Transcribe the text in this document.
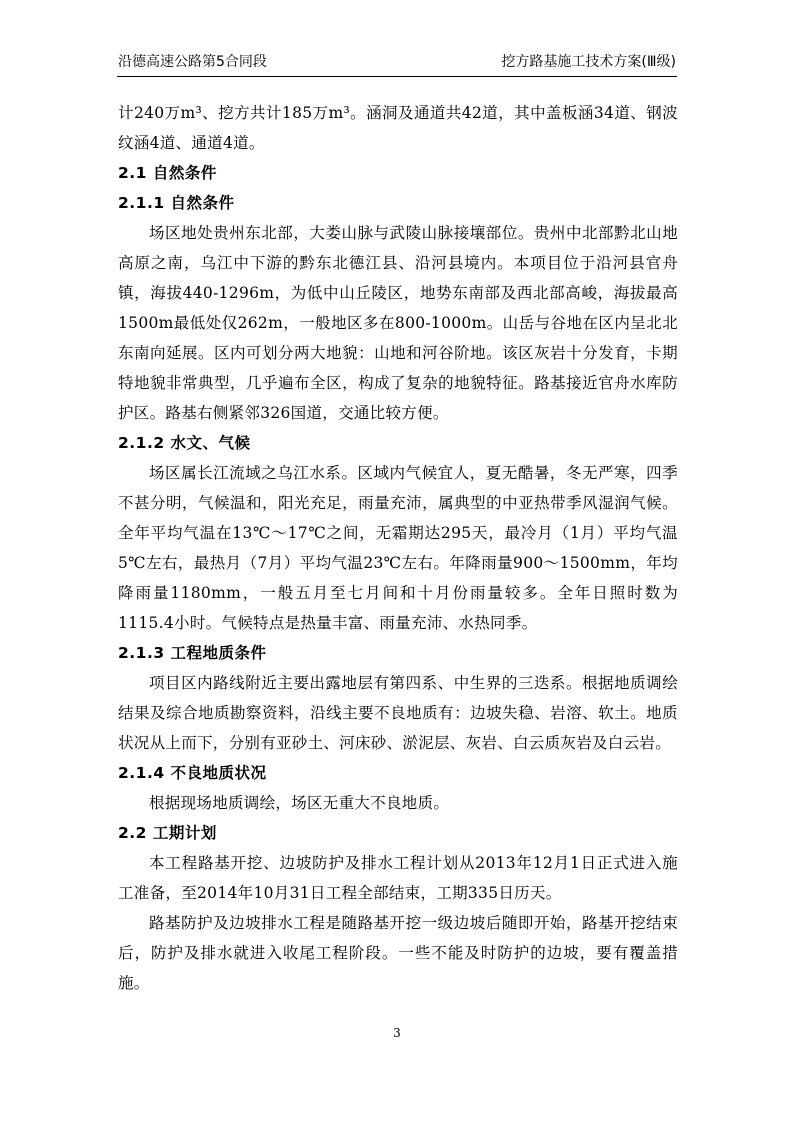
沿德高速公路第5合同段	挖方路基施工技术方案(Ⅲ级)
计240万m³、挖方共计185万m³。涵洞及通道共42道，其中盖板涵34道、钢波纹涵4道、通道4道。
2.1 自然条件
2.1.1 自然条件
场区地处贵州东北部，大娄山脉与武陵山脉接壤部位。贵州中北部黔北山地高原之南，乌江中下游的黔东北德江县、沿河县境内。本项目位于沿河县官舟镇，海拔440-1296m，为低中山丘陵区，地势东南部及西北部高峻，海拔最高1500m最低处仅262m，一般地区多在800-1000m。山岳与谷地在区内呈北北东南向延展。区内可划分两大地貌：山地和河谷阶地。该区灰岩十分发育，卡期特地貌非常典型，几乎遍布全区，构成了复杂的地貌特征。路基接近官舟水库防护区。路基右侧紧邻326国道，交通比较方便。
2.1.2 水文、气候
场区属长江流域之乌江水系。区域内气候宜人，夏无酷暑，冬无严寒，四季不甚分明，气候温和，阳光充足，雨量充沛，属典型的中亚热带季风湿润气候。全年平均气温在13℃～17℃之间，无霜期达295天，最冷月（1月）平均气温5℃左右，最热月（7月）平均气温23℃左右。年降雨量900～1500mm，年均降雨量1180mm，一般五月至七月间和十月份雨量较多。全年日照时数为1115.4小时。气候特点是热量丰富、雨量充沛、水热同季。
2.1.3 工程地质条件
项目区内路线附近主要出露地层有第四系、中生界的三迭系。根据地质调绘结果及综合地质勘察资料，沿线主要不良地质有：边坡失稳、岩溶、软土。地质状况从上而下，分别有亚砂土、河床砂、淤泥层、灰岩、白云质灰岩及白云岩。
2.1.4 不良地质状况
根据现场地质调绘，场区无重大不良地质。
2.2 工期计划
本工程路基开挖、边坡防护及排水工程计划从2013年12月1日正式进入施工准备，至2014年10月31日工程全部结束，工期335日历天。
路基防护及边坡排水工程是随路基开挖一级边坡后随即开始，路基开挖结束后，防护及排水就进入收尾工程阶段。一些不能及时防护的边坡，要有覆盖措施。
3
